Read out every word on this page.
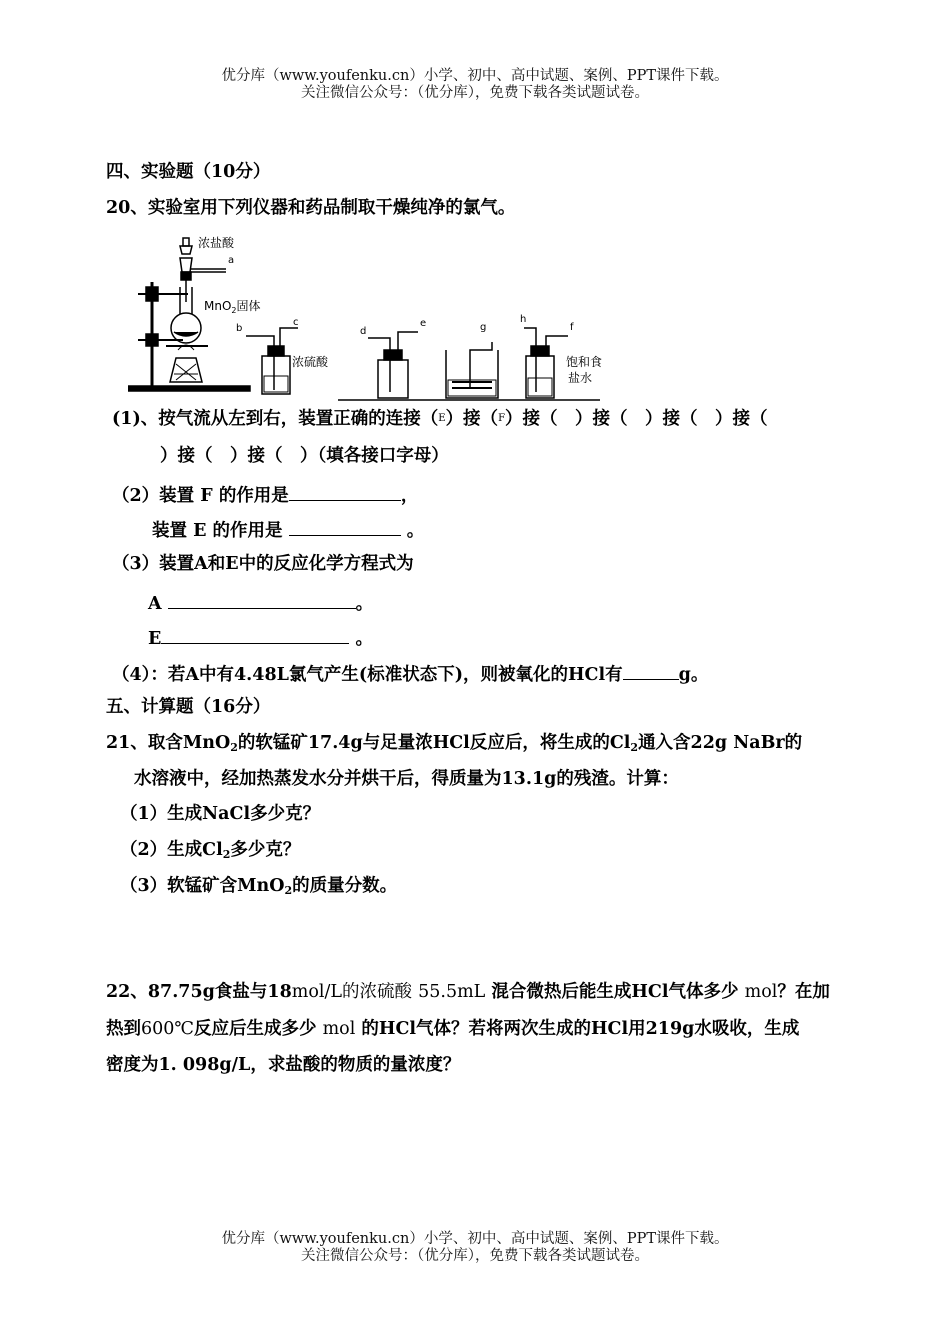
优分库（www.youfenku.cn）小学、初中、高中试题、案例、PPT课件下载。
关注微信公众号：（优分库），免费下载各类试题试卷。
四、实验题（10分）
20、实验室用下列仪器和药品制取干燥纯净的氯气。
浓盐酸
a
MnO$_2$固体
b
c
浓硫酸
d
e	g
h
f
饱和食
盐水
(1)、按气流从左到右，装置正确的连接（E）接（F）接（　）接（　）接（　）接（
）接（　）接（　）（填各接口字母）
（2）装置 F 的作用是	，
装置 E 的作用是	。
（3）装置A和E中的反应化学方程式为
A	。
E	。
（4）：若A中有4.48L氯气产生(标准状态下)，则被氧化的HCl有	g。
五、计算题（16分）
21、取含MnO$_2$的软锰矿17.4g与足量浓HCl反应后，将生成的$Cl_2$通入含22g NaBr的
水溶液中，经加热蒸发水分并烘干后，得质量为13.1g的残渣。计算：
（1）生成NaCl多少克？
（2）生成$Cl_2$多少克？
（3）软锰矿含MnO$_2$的质量分数。
22、87.75g食盐与18mol/L的浓硫酸 55.5mL 混合微热后能生成HCl气体多少 mol？在加
热到600℃反应后生成多少 mol 的HCl气体？若将两次生成的HCl用219g水吸收，生成
密度为1. 098g/L，求盐酸的物质的量浓度？
优分库（www.youfenku.cn）小学、初中、高中试题、案例、PPT课件下载。
关注微信公众号：（优分库），免费下载各类试题试卷。
